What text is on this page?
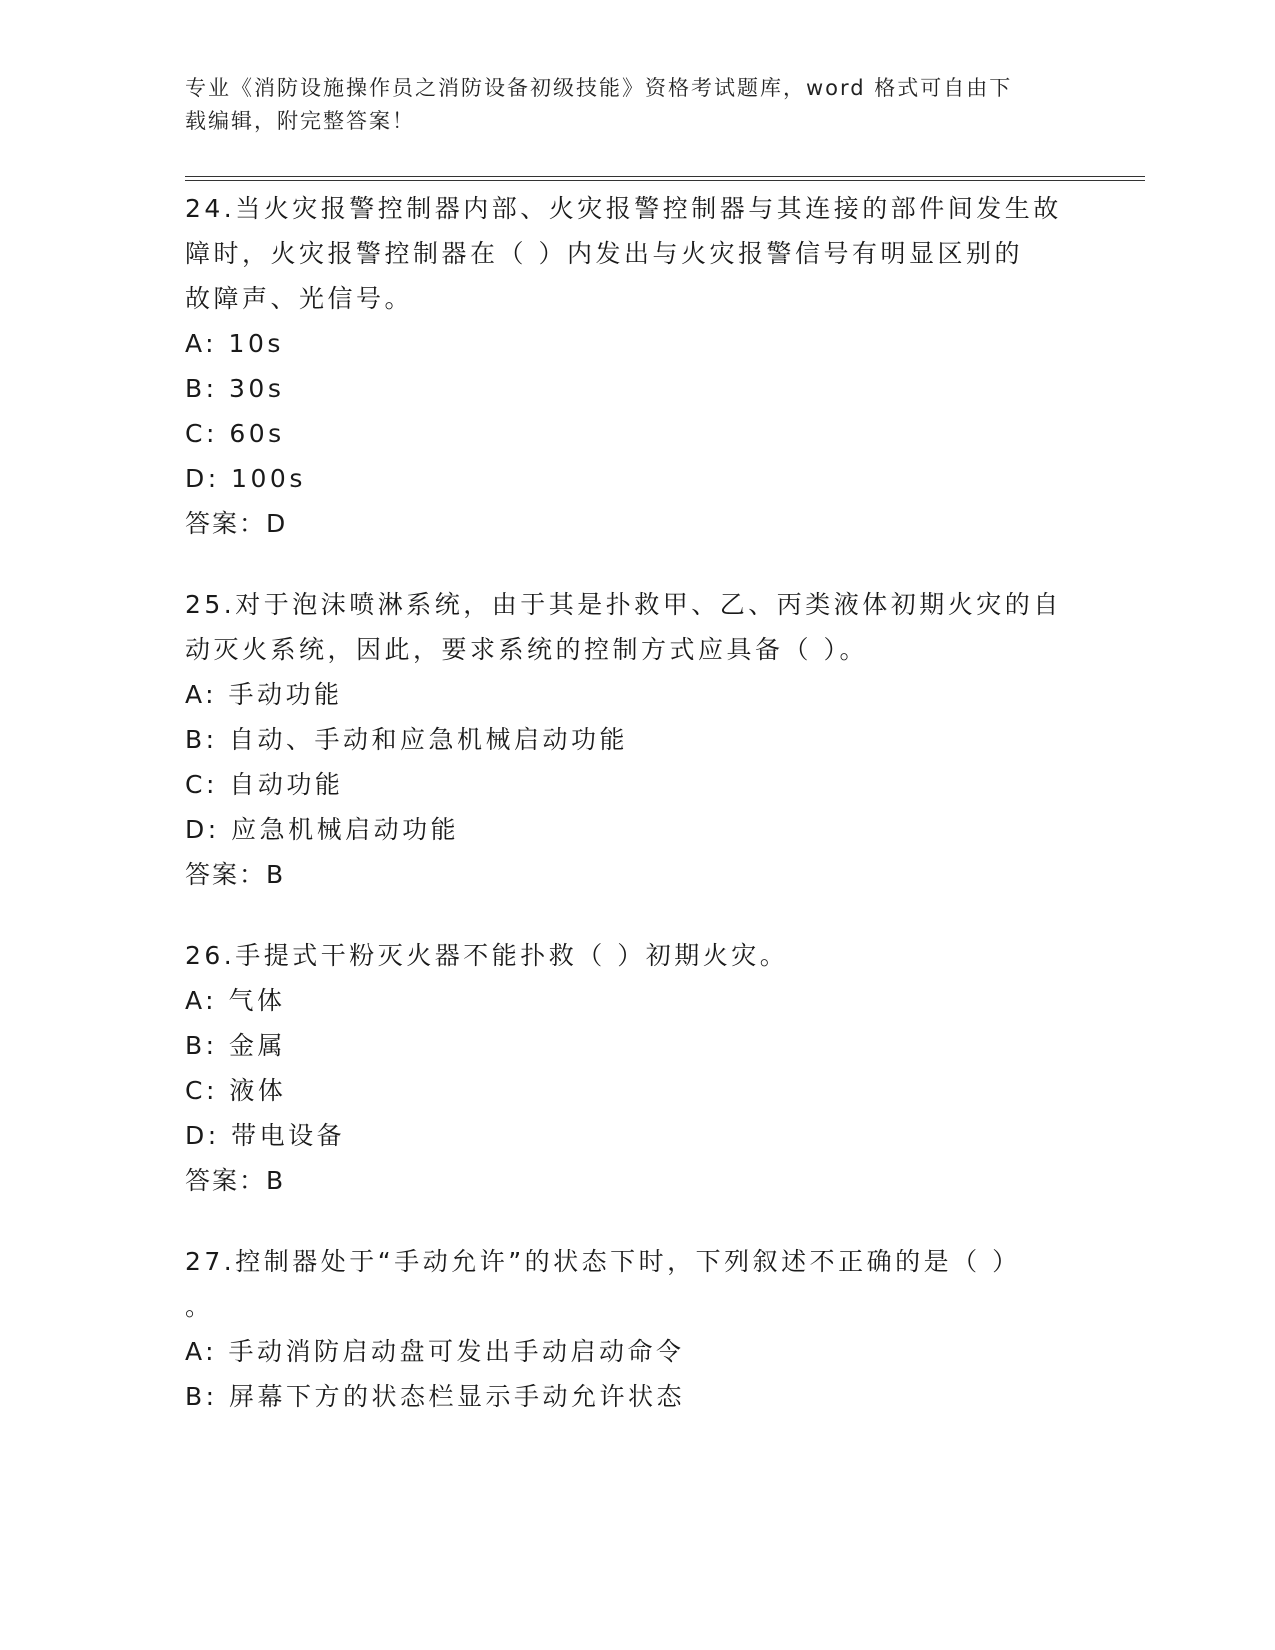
专业《消防设施操作员之消防设备初级技能》资格考试题库，word 格式可自由下
载编辑，附完整答案！

24.当火灾报警控制器内部、火灾报警控制器与其连接的部件间发生故

障时，火灾报警控制器在（ ）内发出与火灾报警信号有明显区别的

故障声、光信号。

A: 10s

B: 30s

C: 60s

D: 100s

答案：D

25.对于泡沫喷淋系统，由于其是扑救甲、乙、丙类液体初期火灾的自

动灭火系统，因此，要求系统的控制方式应具备（ ）。

A: 手动功能

B: 自动、手动和应急机械启动功能

C: 自动功能

D: 应急机械启动功能

答案：B

26.手提式干粉灭火器不能扑救（ ）初期火灾。

A: 气体

B: 金属

C: 液体

D: 带电设备

答案：B

27.控制器处于“手动允许”的状态下时，下列叙述不正确的是（ ）

。

A: 手动消防启动盘可发出手动启动命令

B: 屏幕下方的状态栏显示手动允许状态
